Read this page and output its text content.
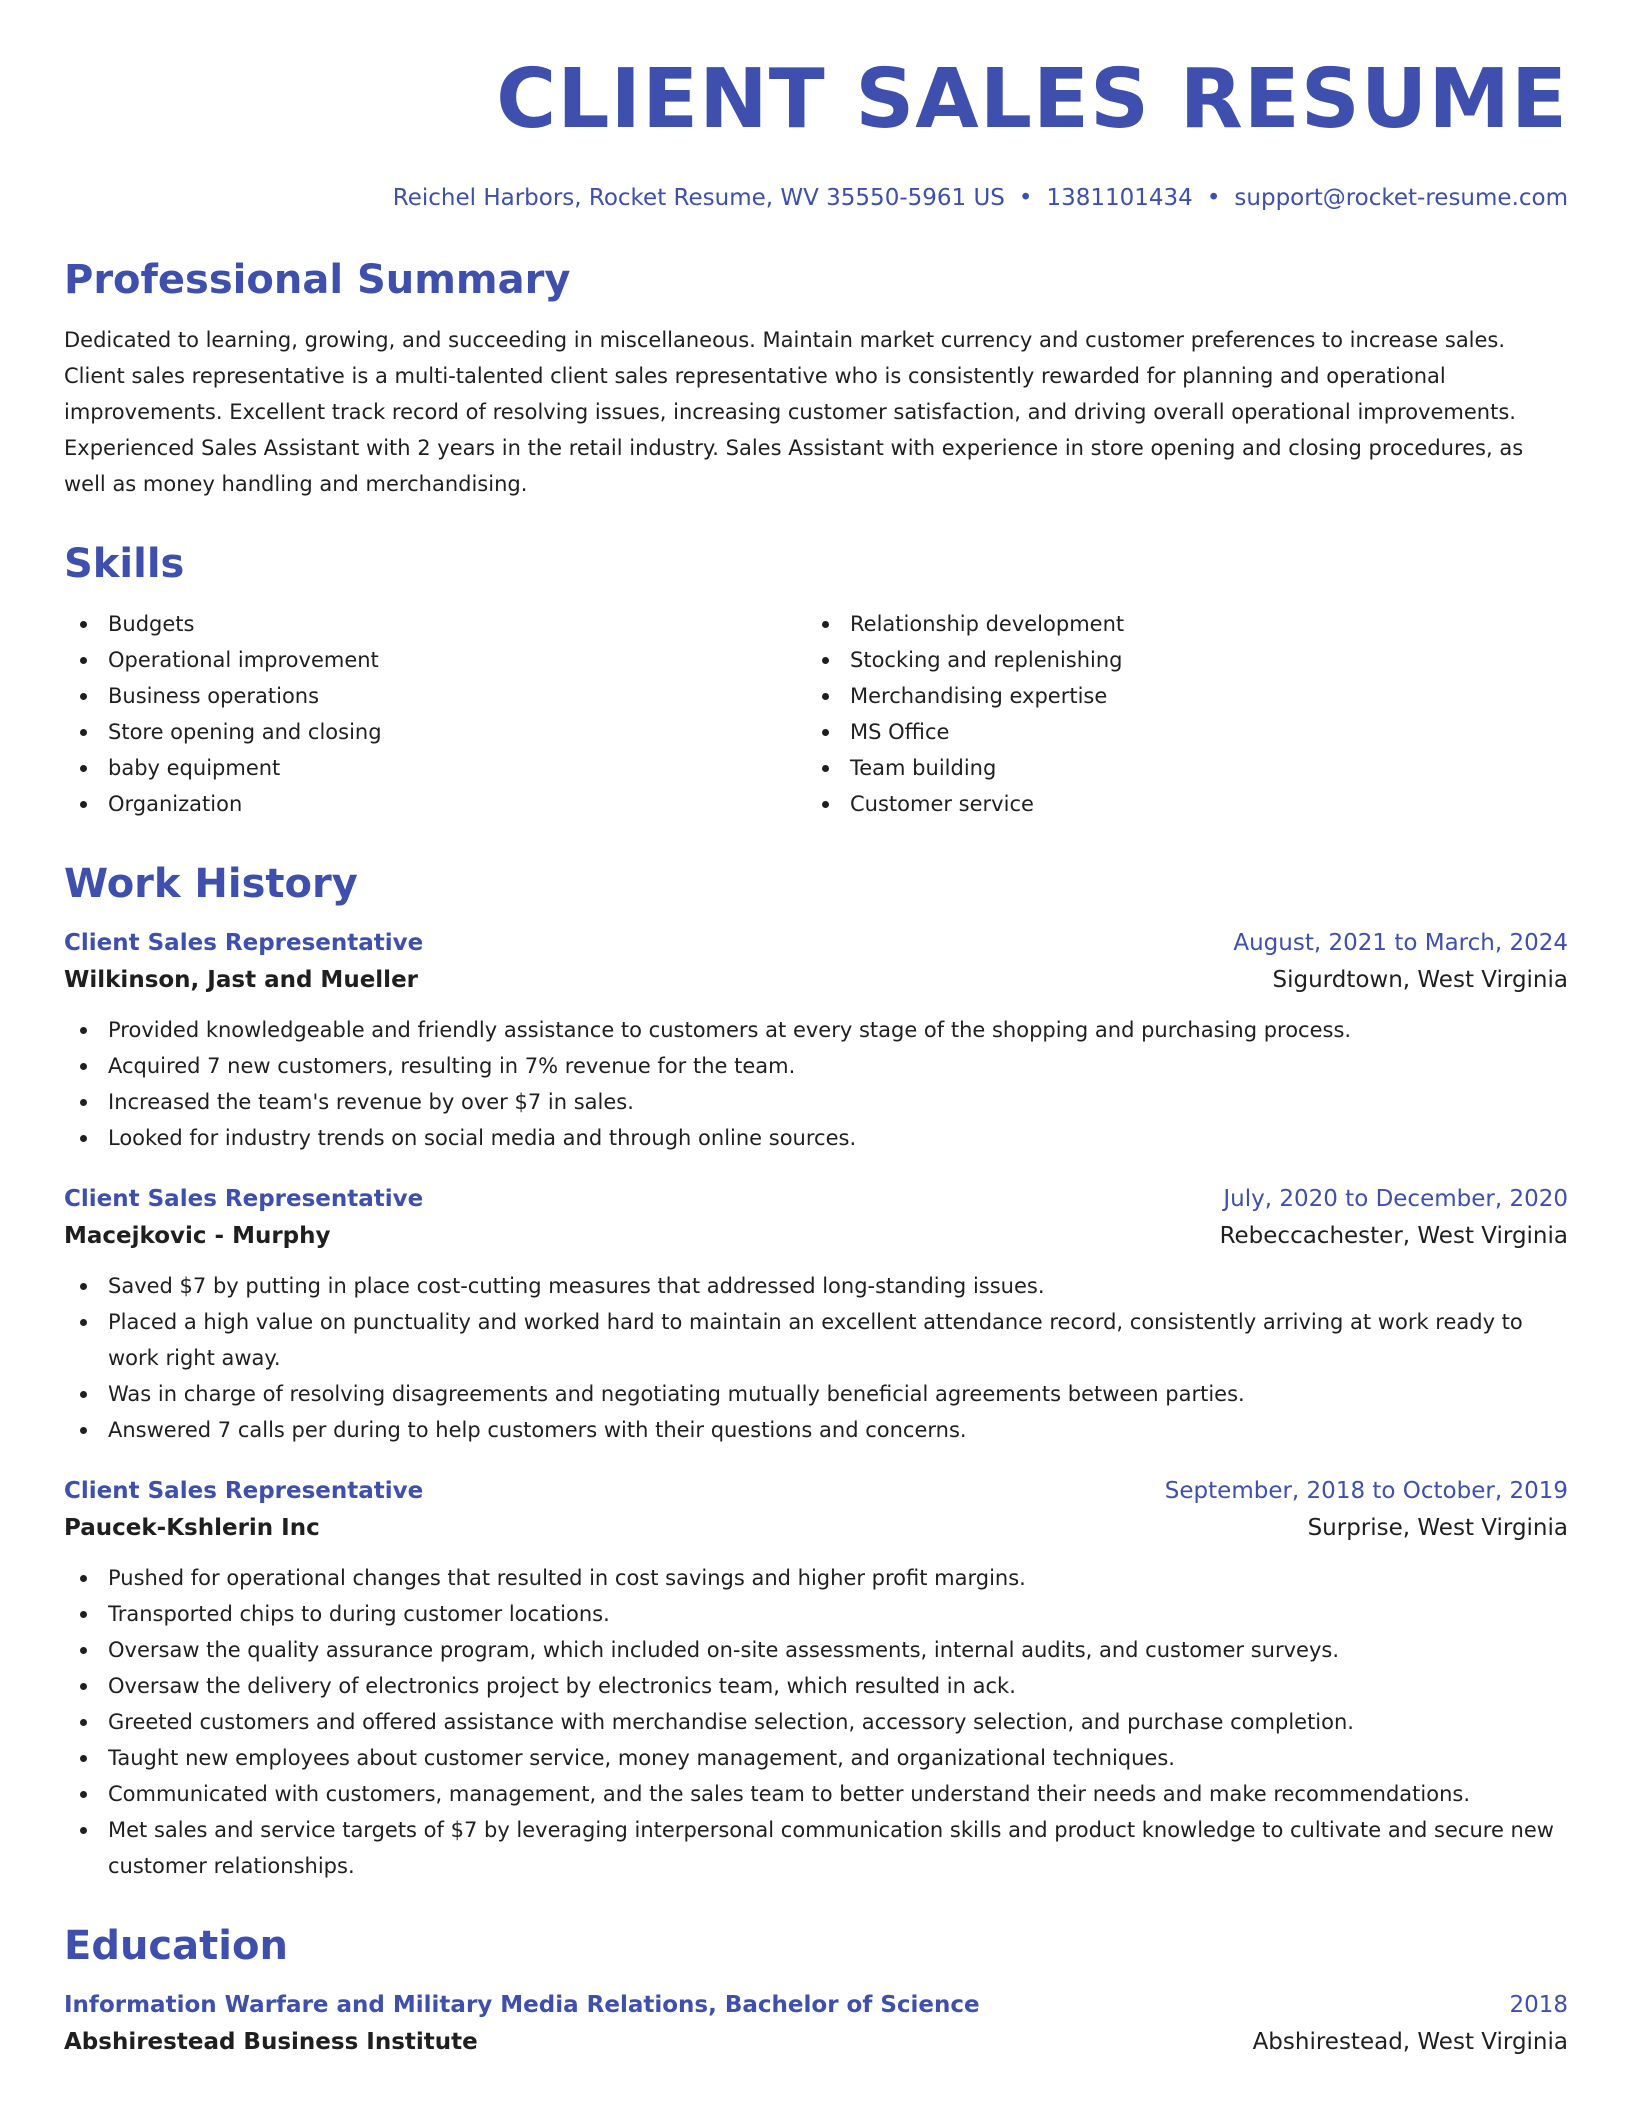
CLIENT SALES RESUME
Reichel Harbors, Rocket Resume, WV 35550-5961 US • 1381101434 • support@rocket-resume.com
Professional Summary

Dedicated to learning, growing, and succeeding in miscellaneous. Maintain market currency and customer preferences to increase sales. Client sales representative is a multi-talented client sales representative who is consistently rewarded for planning and operational improvements. Excellent track record of resolving issues, increasing customer satisfaction, and driving overall operational improvements. Experienced Sales Assistant with 2 years in the retail industry. Sales Assistant with experience in store opening and closing procedures, as well as money handling and merchandising.

Skills
Budgets
Operational improvement
Business operations
Store opening and closing
baby equipment
Organization
Relationship development
Stocking and replenishing
Merchandising expertise
MS Office
Team building
Customer service
Work History
Client Sales Representative	August, 2021 to March, 2024
Wilkinson, Jast and Mueller	Sigurdtown, West Virginia
Provided knowledgeable and friendly assistance to customers at every stage of the shopping and purchasing process.
Acquired 7 new customers, resulting in 7% revenue for the team.
Increased the team's revenue by over $7 in sales.
Looked for industry trends on social media and through online sources.
Client Sales Representative	July, 2020 to December, 2020
Macejkovic - Murphy	Rebeccachester, West Virginia
Saved $7 by putting in place cost-cutting measures that addressed long-standing issues.
Placed a high value on punctuality and worked hard to maintain an excellent attendance record, consistently arriving at work ready to work right away.
Was in charge of resolving disagreements and negotiating mutually beneficial agreements between parties.
Answered 7 calls per during to help customers with their questions and concerns.
Client Sales Representative	September, 2018 to October, 2019
Paucek-Kshlerin Inc	Surprise, West Virginia
Pushed for operational changes that resulted in cost savings and higher profit margins.
Transported chips to during customer locations.
Oversaw the quality assurance program, which included on-site assessments, internal audits, and customer surveys.
Oversaw the delivery of electronics project by electronics team, which resulted in ack.
Greeted customers and offered assistance with merchandise selection, accessory selection, and purchase completion.
Taught new employees about customer service, money management, and organizational techniques.
Communicated with customers, management, and the sales team to better understand their needs and make recommendations.
Met sales and service targets of $7 by leveraging interpersonal communication skills and product knowledge to cultivate and secure new customer relationships.
Education
Information Warfare and Military Media Relations, Bachelor of Science	2018
Abshirestead Business Institute	Abshirestead, West Virginia
